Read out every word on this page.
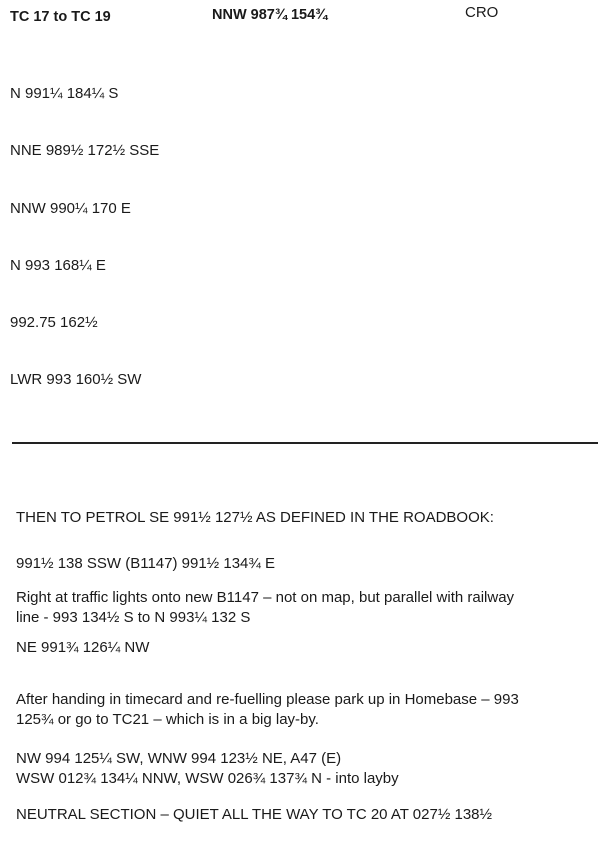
TC 17 to TC 19	NNW 987¾ 154¾	CRO
N 991¼ 184¼ S
NNE 989½ 172½ SSE
NNW 990¼ 170 E
N 993 168¼ E
992.75 162½
LWR 993 160½ SW
THEN TO PETROL SE 991½ 127½ AS DEFINED IN THE ROADBOOK:
991½ 138 SSW (B1147) 991½ 134¾ E
Right at traffic lights onto new B1147 – not on map, but parallel with railway
line - 993 134½ S to N 993¼ 132 S
NE 991¾ 126¼ NW
After handing in timecard and re-fuelling please park up in Homebase – 993
125¾ or go to TC21 – which is in a big lay-by.
NW 994 125¼ SW, WNW 994 123½ NE, A47 (E)
WSW 012¾ 134¼ NNW, WSW 026¾ 137¾ N - into layby
NEUTRAL SECTION – QUIET ALL THE WAY TO TC 20 AT 027½ 138½
